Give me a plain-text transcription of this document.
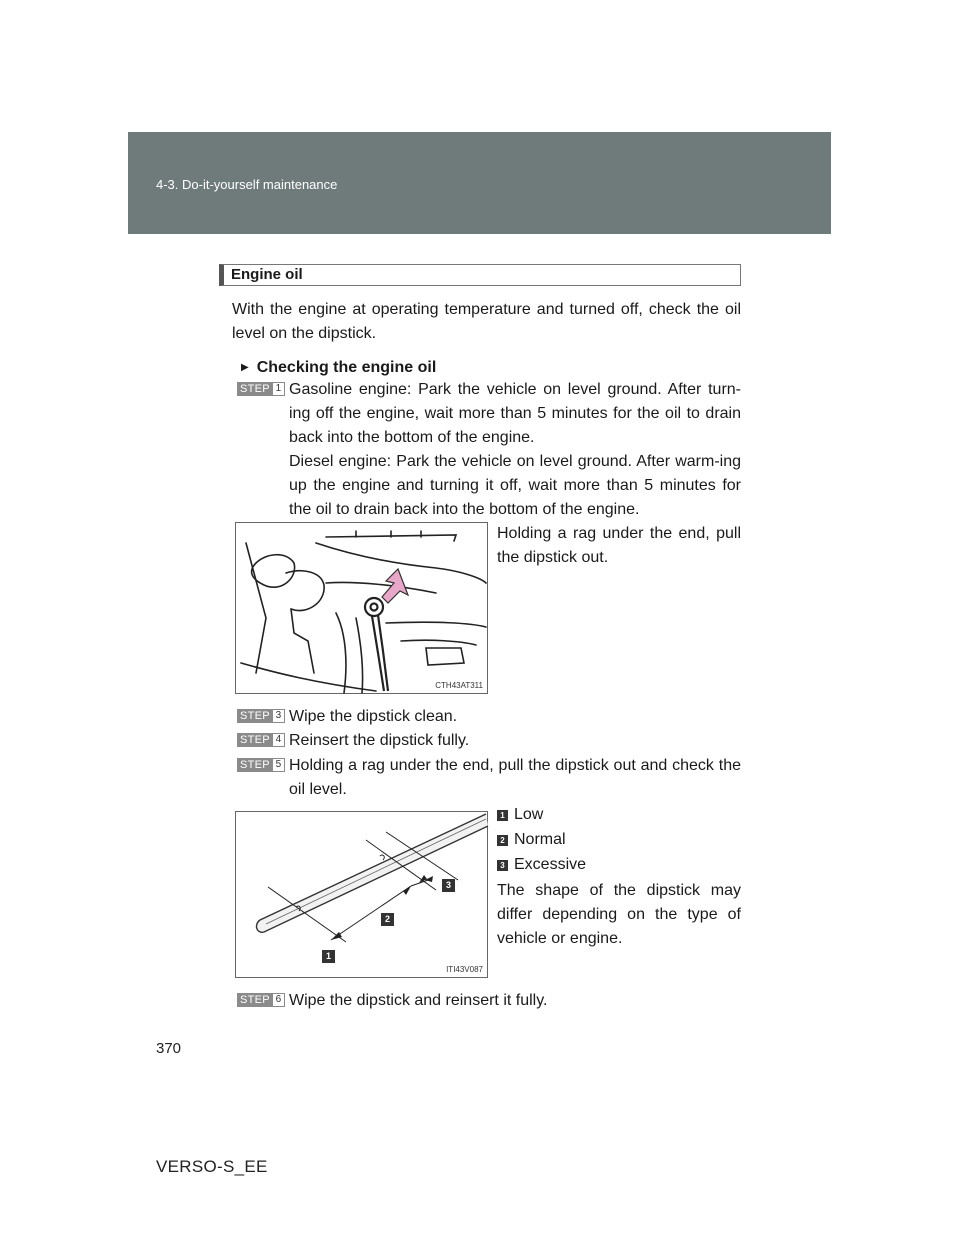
4-3. Do-it-yourself maintenance
Engine oil
With the engine at operating temperature and turned off, check the oil level on the dipstick.
▶ Checking the engine oil
STEP 1 Gasoline engine: Park the vehicle on level ground. After turn-ing off the engine, wait more than 5 minutes for the oil to drain back into the bottom of the engine.
Diesel engine: Park the vehicle on level ground. After warm-ing up the engine and turning it off, wait more than 5 minutes for the oil to drain back into the bottom of the engine.
Holding a rag under the end, pull the dipstick out.
CTH43AT311
STEP 3 Wipe the dipstick clean.
STEP 4 Reinsert the dipstick fully.
STEP 5 Holding a rag under the end, pull the dipstick out and check the oil level.
1 Low
2 Normal
3 Excessive
The shape of the dipstick may differ depending on the type of vehicle or engine.
1
2
3
ITI43V087
STEP 6 Wipe the dipstick and reinsert it fully.
370
VERSO-S_EE
